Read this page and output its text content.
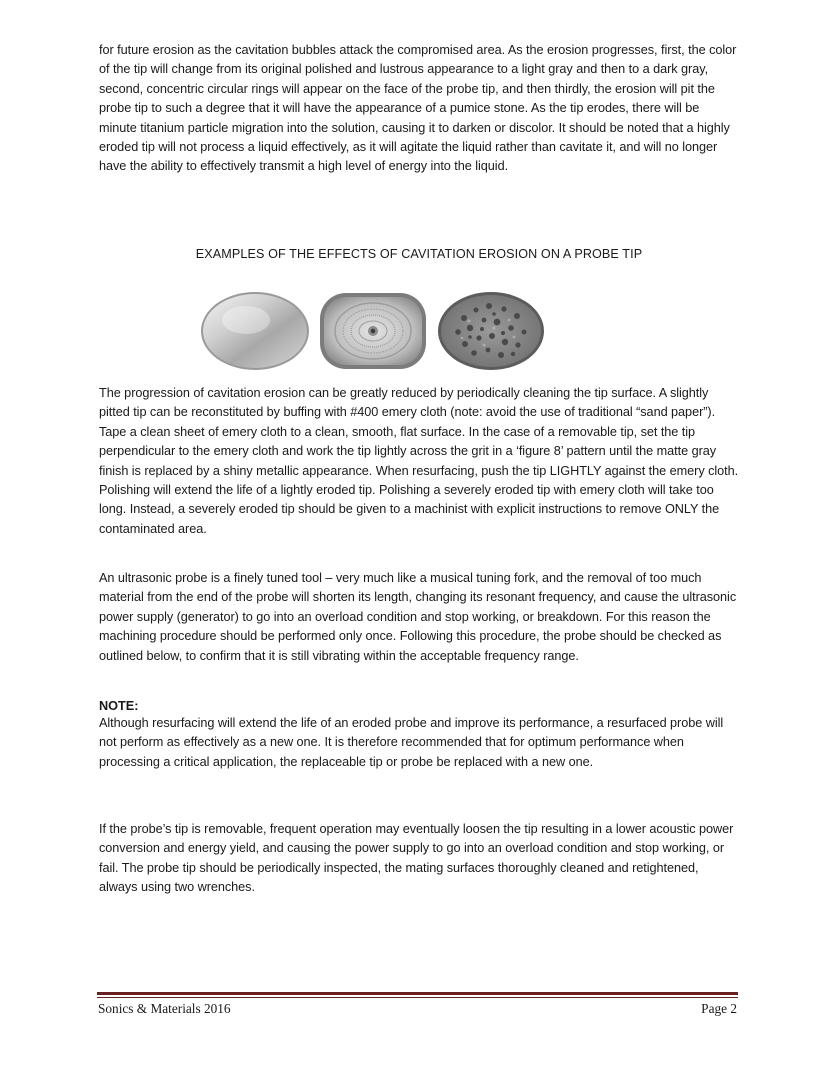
for future erosion as the cavitation bubbles attack the compromised area. As the erosion progresses, first, the color of the tip will change from its original polished and lustrous appearance to a light gray and then to a dark gray, second, concentric circular rings will appear on the face of the probe tip, and then thirdly, the erosion will pit the probe tip to such a degree that it will have the appearance of a pumice stone. As the tip erodes, there will be minute titanium particle migration into the solution, causing it to darken or discolor. It should be noted that a highly eroded tip will not process a liquid effectively, as it will agitate the liquid rather than cavitate it, and will no longer have the ability to effectively transmit a high level of energy into the liquid.

EXAMPLES OF THE EFFECTS OF CAVITATION EROSION ON A PROBE TIP

The progression of cavitation erosion can be greatly reduced by periodically cleaning the tip surface. A slightly pitted tip can be reconstituted by buffing with #400 emery cloth (note: avoid the use of traditional “sand paper”). Tape a clean sheet of emery cloth to a clean, smooth, flat surface. In the case of a removable tip, set the tip perpendicular to the emery cloth and work the tip lightly across the grit in a ‘figure 8’ pattern until the matte gray finish is replaced by a shiny metallic appearance. When resurfacing, push the tip LIGHTLY against the emery cloth. Polishing will extend the life of a lightly eroded tip. Polishing a severely eroded tip with emery cloth will take too long. Instead, a severely eroded tip should be given to a machinist with explicit instructions to remove ONLY the contaminated area.

An ultrasonic probe is a finely tuned tool – very much like a musical tuning fork, and the removal of too much material from the end of the probe will shorten its length, changing its resonant frequency, and cause the ultrasonic power supply (generator) to go into an overload condition and stop working, or breakdown. For this reason the machining procedure should be performed only once. Following this procedure, the probe should be checked as outlined below, to confirm that it is still vibrating within the acceptable frequency range.

NOTE:

Although resurfacing will extend the life of an eroded probe and improve its performance, a resurfaced probe will not perform as effectively as a new one. It is therefore recommended that for optimum performance when processing a critical application, the replaceable tip or probe be replaced with a new one.

If the probe’s tip is removable, frequent operation may eventually loosen the tip resulting in a lower acoustic power conversion and energy yield, and causing the power supply to go into an overload condition and stop working, or fail. The probe tip should be periodically inspected, the mating surfaces thoroughly cleaned and retightened, always using two wrenches.

Sonics & Materials 2016	Page 2
